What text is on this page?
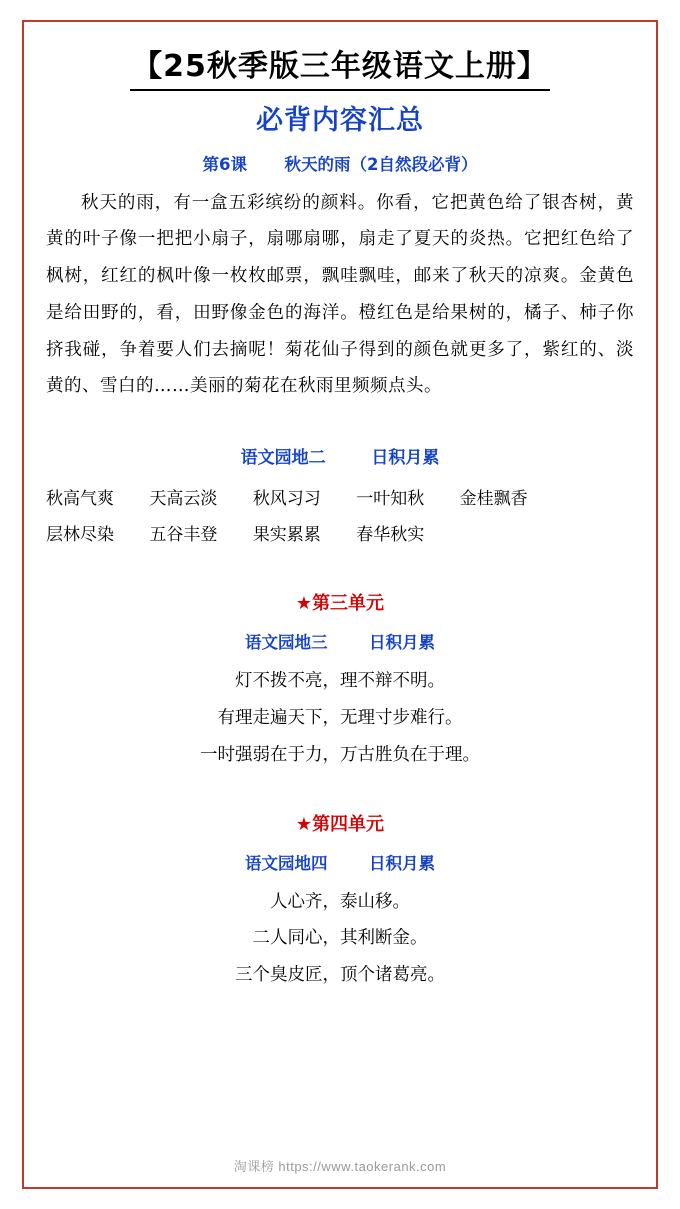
【25秋季版三年级语文上册】
必背内容汇总
第6课 秋天的雨（2自然段必背）
秋天的雨，有一盒五彩缤纷的颜料。你看，它把黄色给了银杏树，黄黄的叶子像一把把小扇子，扇哪扇哪，扇走了夏天的炎热。它把红色给了枫树，红红的枫叶像一枚枚邮票，飘哇飘哇，邮来了秋天的凉爽。金黄色是给田野的，看，田野像金色的海洋。橙红色是给果树的，橘子、柿子你挤我碰，争着要人们去摘呢！菊花仙子得到的颜色就更多了，紫红的、淡黄的、雪白的……美丽的菊花在秋雨里频频点头。
语文园地二	日积月累
秋高气爽 天高云淡 秋风习习 一叶知秋 金桂飘香
层林尽染 五谷丰登 果实累累 春华秋实
★第三单元
语文园地三	日积月累
灯不拨不亮，理不辩不明。
有理走遍天下，无理寸步难行。
一时强弱在于力，万古胜负在于理。
★第四单元
语文园地四	日积月累
人心齐，泰山移。
二人同心，其利断金。
三个臭皮匠，顶个诸葛亮。
淘课榜 https://www.taokerank.com
